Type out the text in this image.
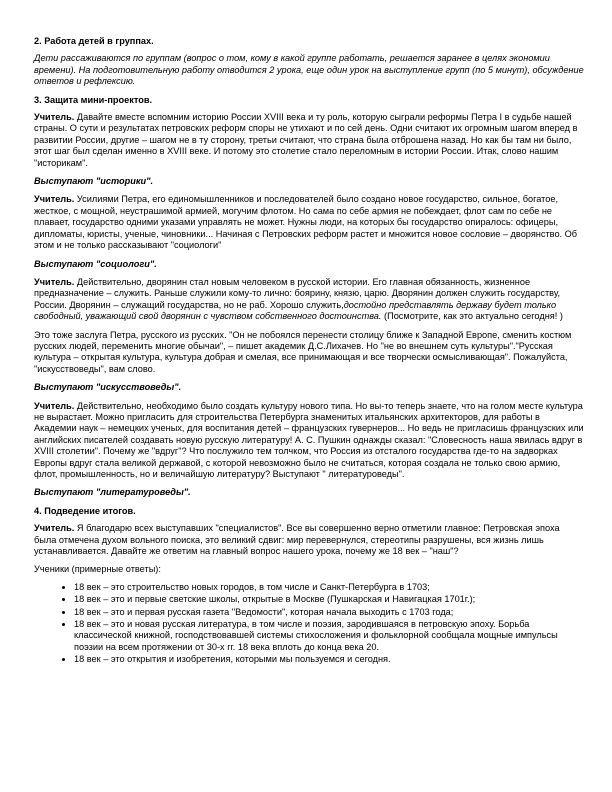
2. Работа детей в группах.

Дети рассаживаются по группам (вопрос о том, кому в какой группе работать, решается заранее в целях экономии времени). На подготовительную работу отводится 2 урока, еще один урок на выступление групп (по 5 минут), обсуждение ответов и рефлексию.

3. Защита мини-проектов.

Учитель. Давайте вместе вспомним историю России XVIII века и ту роль, которую сыграли реформы Петра I в судьбе нашей страны. О сути и результатах петровских реформ споры не утихают и по сей день. Одни считают их огромным шагом вперед в развитии России, другие – шагом не в ту сторону, третьи считают, что страна была отброшена назад. Но как бы там ни было, этот шаг был сделан именно в XVIII веке. И потому это столетие стало переломным в истории России. Итак, слово нашим "историкам".

Выступают "историки".

Учитель. Усилиями Петра, его единомышленников и последователей было создано новое государство, сильное, богатое, жесткое, с мощной, неустрашимой армией, могучим флотом. Но сама по себе армия не побеждает, флот сам по себе не плавает, государство одними указами управлять не может. Нужны люди, на которых бы государство опиралось: офицеры, дипломаты, юристы, ученые, чиновники... Начиная с Петровских реформ растет и множится новое сословие – дворянство. Об этом и не только рассказывают "социологи"

Выступают "социологи".

Учитель. Действительно, дворянин стал новым человеком в русской истории. Его главная обязанность, жизненное предназначение – служить. Раньше служили кому-то лично: боярину, князю, царю. Дворянин должен служить государству, России. Дворянин – служащий государства, но не раб. Хорошо служить,достойно представлять державу будет только свободный, уважающий свой дворянин с чувством собственного достоинства. (Посмотрите, как это актуально сегодня! )

Это тоже заслуга Петра, русского из русских. "Он не побоялся перенести столицу ближе к Западной Европе, сменить костюм русских людей, переменить многие обычаи", – пишет академик Д.С.Лихачев. Но "не во внешнем суть культуры"."Русская культура – открытая культура, культура добрая и смелая, все принимающая и все творчески осмысливающая". Пожалуйста, "искусствоведы", вам слово.

Выступают "искусствоведы".

Учитель. Действительно, необходимо было создать культуру нового типа. Но вы-то теперь знаете, что на голом месте культура не вырастает. Можно пригласить для строительства Петербурга знаменитых итальянских архитекторов, для работы в Академии наук – немецких ученых, для воспитания детей – французских гувернеров... Но ведь не пригласишь французских или английских писателей создавать новую русскую литературу! А. С. Пушкин однажды сказал: "Словесность наша явилась вдруг в XVIII столетии". Почему же "вдруг"? Что послужило тем толчком, что Россия из отсталого государства где-то на задворках Европы вдруг стала великой державой, с которой невозможно было не считаться, которая создала не только свою армию, флот, промышленность, но и величайшую литературу? Выступают " литературоведы".

Выступают "литературоведы".

4. Подведение итогов.

Учитель. Я благодарю всех выступавших "специалистов". Все вы совершенно верно отметили главное: Петровская эпоха была отмечена духом вольного поиска, это великий сдвиг: мир перевернулся, стереотипы разрушены, вся жизнь лишь устанавливается. Давайте же ответим на главный вопрос нашего урока, почему же 18 век – "наш"?

Ученики (примерные ответы):

• 18 век – это строительство новых городов, в том числе и Санкт-Петербурга в 1703;
• 18 век – это и первые светские школы, открытые в Москве (Пушкарская и Навигацкая 1701г.);
• 18 век – это и первая русская газета "Ведомости", которая начала выходить с 1703 года;
• 18 век – это и новая русская литература, в том числе и поэзия, зародившаяся в петровскую эпоху. Борьба классической книжной, господствовавшей системы стихосложения и фольклорной сообщала мощные импульсы поэзии на всем протяжении от 30-х гг. 18 века вплоть до конца века 20.
• 18 век – это открытия и изобретения, которыми мы пользуемся и сегодня.
